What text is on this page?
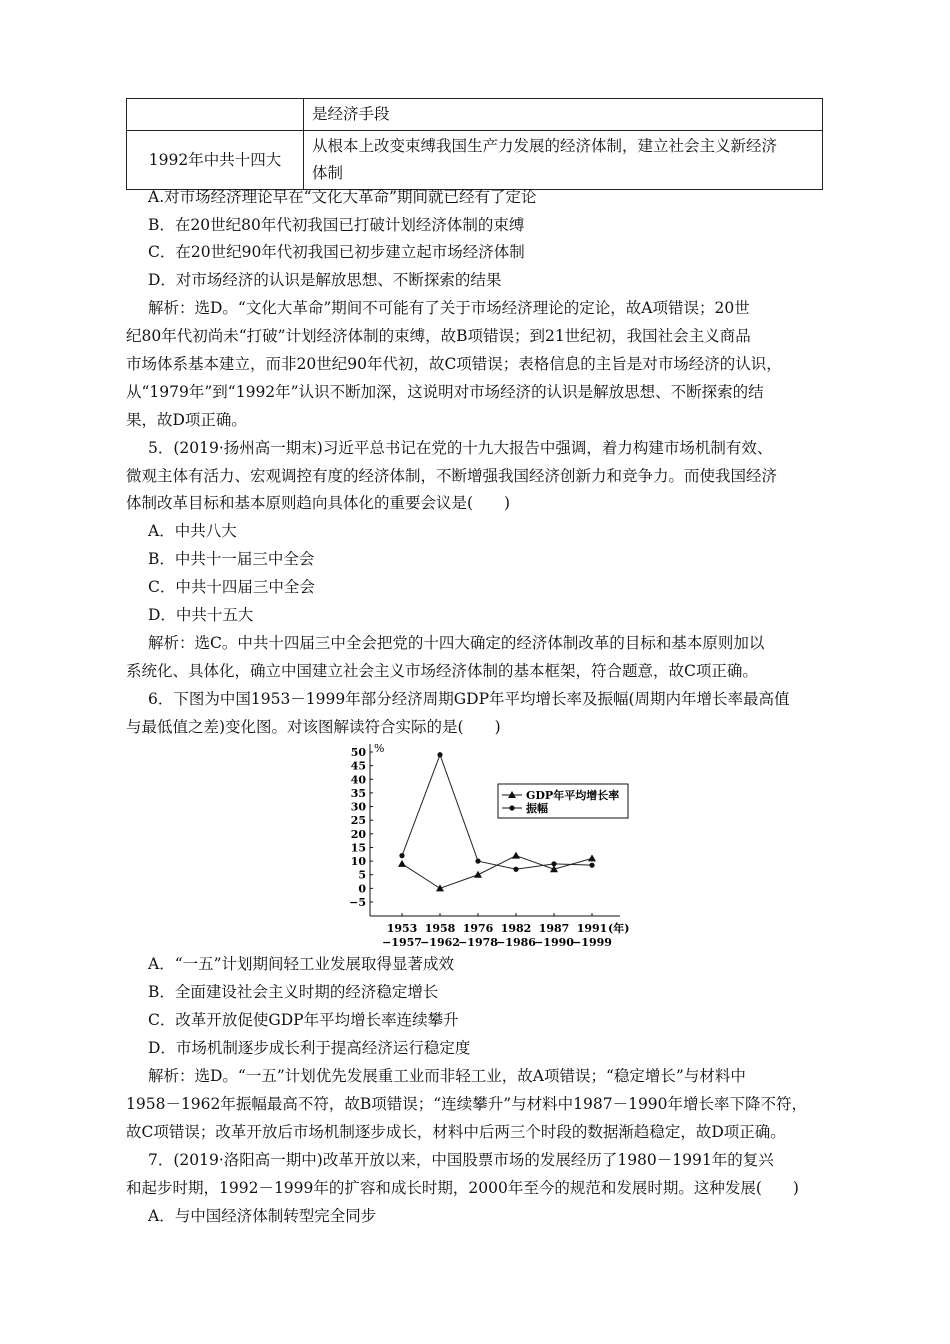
	是经济手段
1992年中共十四大	从根本上改变束缚我国生产力发展的经济体制，建立社会主义新经济
体制
A.对市场经济理论早在“文化大革命”期间就已经有了定论
B．在20世纪80年代初我国已打破计划经济体制的束缚
C．在20世纪90年代初我国已初步建立起市场经济体制
D．对市场经济的认识是解放思想、不断探索的结果
解析：选D。“文化大革命”期间不可能有了关于市场经济理论的定论，故A项错误；20世
纪80年代初尚未“打破”计划经济体制的束缚，故B项错误；到21世纪初，我国社会主义商品
市场体系基本建立，而非20世纪90年代初，故C项错误；表格信息的主旨是对市场经济的认识，
从“1979年”到“1992年”认识不断加深，这说明对市场经济的认识是解放思想、不断探索的结
果，故D项正确。
5．(2019·扬州高一期末)习近平总书记在党的十九大报告中强调，着力构建市场机制有效、
微观主体有活力、宏观调控有度的经济体制，不断增强我国经济创新力和竞争力。而使我国经济
体制改革目标和基本原则趋向具体化的重要会议是(　　)
A．中共八大
B．中共十一届三中全会
C．中共十四届三中全会
D．中共十五大
解析：选C。中共十四届三中全会把党的十四大确定的经济体制改革的目标和基本原则加以
系统化、具体化，确立中国建立社会主义市场经济体制的基本框架，符合题意，故C项正确。
6．下图为中国1953－1999年部分经济周期GDP年平均增长率及振幅(周期内年增长率最高值
与最低值之差)变化图。对该图解读符合实际的是(　　)
%
50
45
40
35
30
25
20
15
10
5
0
−5
1953
−1957
1958
−1962
1976
−1978
1982
−1986
1987
−1990
1991
−1999
(年)
GDP年平均增长率
振幅
A．“一五”计划期间轻工业发展取得显著成效
B．全面建设社会主义时期的经济稳定增长
C．改革开放促使GDP年平均增长率连续攀升
D．市场机制逐步成长利于提高经济运行稳定度
解析：选D。“一五”计划优先发展重工业而非轻工业，故A项错误；“稳定增长”与材料中
1958－1962年振幅最高不符，故B项错误；“连续攀升”与材料中1987－1990年增长率下降不符，
故C项错误；改革开放后市场机制逐步成长，材料中后两三个时段的数据渐趋稳定，故D项正确。
7．(2019·洛阳高一期中)改革开放以来，中国股票市场的发展经历了1980－1991年的复兴
和起步时期，1992－1999年的扩容和成长时期，2000年至今的规范和发展时期。这种发展(　　)
A．与中国经济体制转型完全同步
